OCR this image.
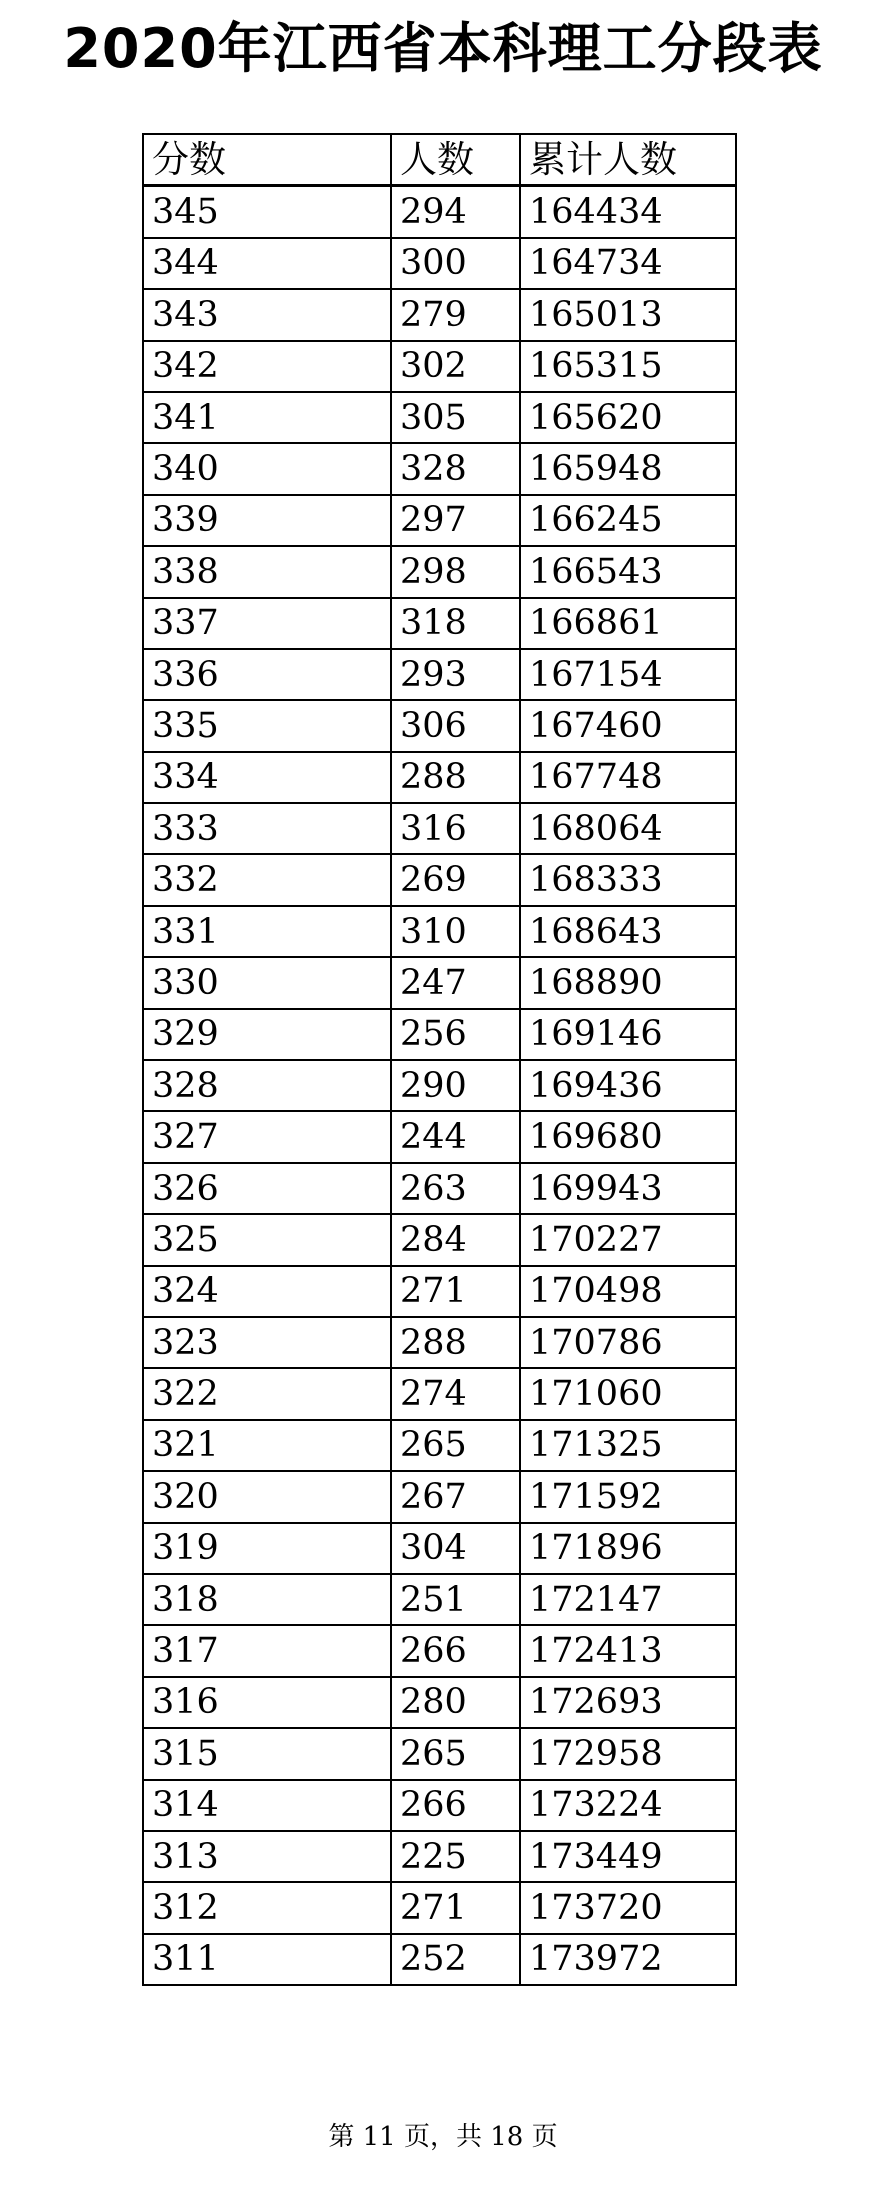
2020年江西省本科理工分段表
分数	人数	累计人数
345	294	164434
344	300	164734
343	279	165013
342	302	165315
341	305	165620
340	328	165948
339	297	166245
338	298	166543
337	318	166861
336	293	167154
335	306	167460
334	288	167748
333	316	168064
332	269	168333
331	310	168643
330	247	168890
329	256	169146
328	290	169436
327	244	169680
326	263	169943
325	284	170227
324	271	170498
323	288	170786
322	274	171060
321	265	171325
320	267	171592
319	304	171896
318	251	172147
317	266	172413
316	280	172693
315	265	172958
314	266	173224
313	225	173449
312	271	173720
311	252	173972
第 11 页，共 18 页
